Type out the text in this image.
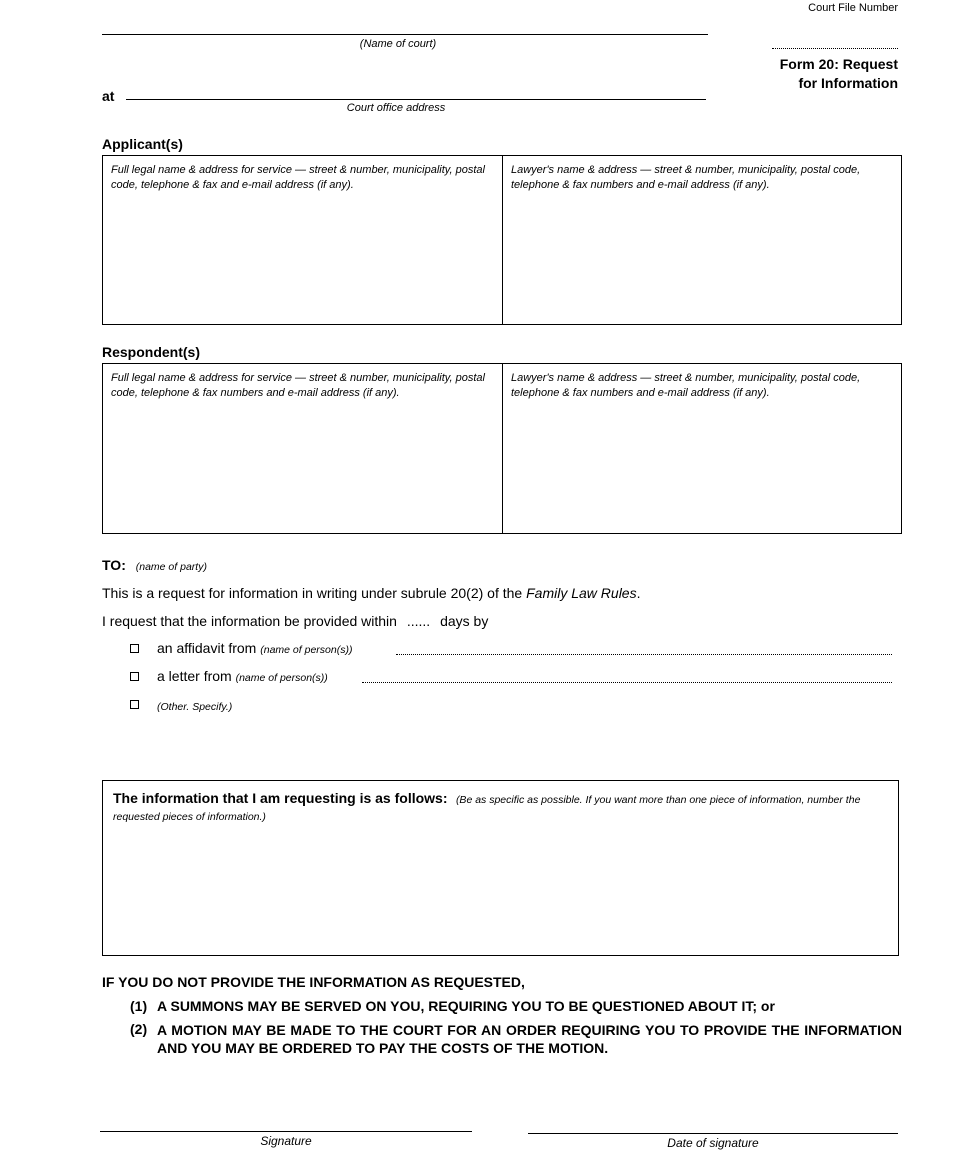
Court File Number
(Name of court)
Form 20: Request
for Information
at
Court office address
Applicant(s)
Full legal name & address for service — street & number, municipality, postal code, telephone & fax and e-mail address (if any).
Lawyer's name & address — street & number, municipality, postal code, telephone & fax numbers and e-mail address (if any).
Respondent(s)
Full legal name & address for service — street & number, municipality, postal code, telephone & fax numbers and e-mail address (if any).
Lawyer's name & address — street & number, municipality, postal code, telephone & fax numbers and e-mail address (if any).
TO: (name of party)
This is a request for information in writing under subrule 20(2) of the Family Law Rules.
I request that the information be provided within ...... days by
an affidavit from (name of person(s))
a letter from (name of person(s))
(Other. Specify.)
The information that I am requesting is as follows: (Be as specific as possible. If you want more than one piece of information, number the requested pieces of information.)
IF YOU DO NOT PROVIDE THE INFORMATION AS REQUESTED,
(1) A SUMMONS MAY BE SERVED ON YOU, REQUIRING YOU TO BE QUESTIONED ABOUT IT; or
(2) A MOTION MAY BE MADE TO THE COURT FOR AN ORDER REQUIRING YOU TO PROVIDE THE INFORMATION AND YOU MAY BE ORDERED TO PAY THE COSTS OF THE MOTION.
Signature	Date of signature
